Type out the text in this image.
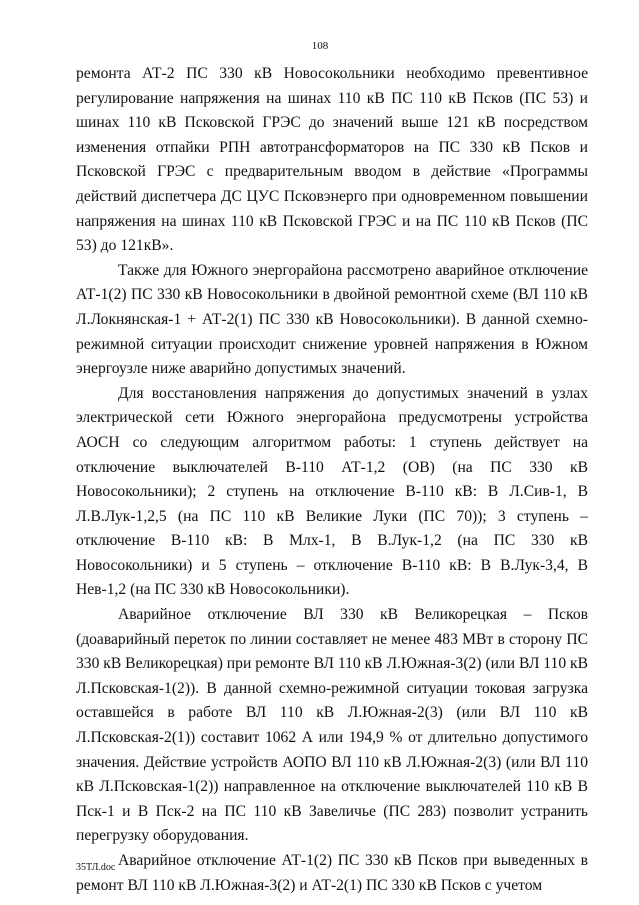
108

ремонта АТ-2 ПС 330 кВ Новосокольники необходимо превентивное регулирование напряжения на шинах 110 кВ ПС 110 кВ Псков (ПС 53) и шинах 110 кВ Псковской ГРЭС до значений выше 121 кВ посредством изменения отпайки РПН автотрансформаторов на ПС 330 кВ Псков и Псковской ГРЭС с предварительным вводом в действие «Программы действий диспетчера ДС ЦУС Псковэнерго при одновременном повышении напряжения на шинах 110 кВ Псковской ГРЭС и на ПС 110 кВ Псков (ПС 53) до 121кВ».

Также для Южного энергорайона рассмотрено аварийное отключение АТ-1(2) ПС 330 кВ Новосокольники в двойной ремонтной схеме (ВЛ 110 кВ Л.Локнянская-1 + АТ-2(1) ПС 330 кВ Новосокольники). В данной схемно-режимной ситуации происходит снижение уровней напряжения в Южном энергоузле ниже аварийно допустимых значений.

Для восстановления напряжения до допустимых значений в узлах электрической сети Южного энергорайона предусмотрены устройства АОСН со следующим алгоритмом работы: 1 ступень действует на отключение выключателей В-110 АТ-1,2 (ОВ) (на ПС 330 кВ Новосокольники); 2 ступень на отключение В-110 кВ: В Л.Сив-1, В Л.В.Лук-1,2,5 (на ПС 110 кВ Великие Луки (ПС 70)); 3 ступень – отключение В-110 кВ: В Млх-1, В В.Лук-1,2 (на ПС 330 кВ Новосокольники) и 5 ступень – отключение В-110 кВ: В В.Лук-3,4, В Нев-1,2 (на ПС 330 кВ Новосокольники).

Аварийное отключение ВЛ 330 кВ Великорецкая – Псков (доаварийный переток по линии составляет не менее 483 МВт в сторону ПС 330 кВ Великорецкая) при ремонте ВЛ 110 кВ Л.Южная-3(2) (или ВЛ 110 кВ Л.Псковская-1(2)). В данной схемно-режимной ситуации токовая загрузка оставшейся в работе ВЛ 110 кВ Л.Южная-2(3) (или ВЛ 110 кВ Л.Псковская-2(1)) составит 1062 А или 194,9 % от длительно допустимого значения. Действие устройств АОПО ВЛ 110 кВ Л.Южная-2(3) (или ВЛ 110 кВ Л.Псковская-1(2)) направленное на отключение выключателей 110 кВ В Пск-1 и В Пск-2 на ПС 110 кВ Завеличье (ПС 283) позволит устранить перегрузку оборудования.

Аварийное отключение АТ-1(2) ПС 330 кВ Псков при выведенных в ремонт ВЛ 110 кВ Л.Южная-3(2) и АТ-2(1) ПС 330 кВ Псков с учетом

35ТЛ.doc
